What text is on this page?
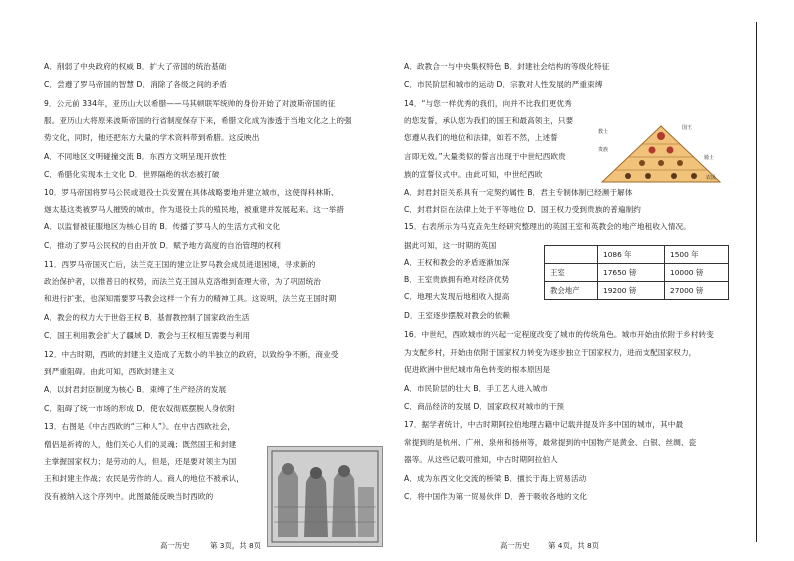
A．削弱了中央政府的权威 B．扩大了帝国的统治基础
C．尝遵了罗马帝国的智慧 D．消除了各级之间的矛盾
9．公元前 334年，亚历山大以希腊——马其顿联军统帅的身份开始了对波斯帝国的征
服。亚历山大将原来波斯帝国的行省制度保存下来，希腊文化成为渗透于当地文化之上的强
势文化，同时，他还把东方大量的学术资料带到希腊。这反映出
A．不同地区文明碰撞交流 B．东西方文明呈现开放性
C．希腊化实现本土文化 D．世界隔绝的状态被打破
10．罗马帝国将罗马公民或退役士兵安置在具体战略要地并建立城市，这使得科林斯、
迦太基这类被罗马人摧毁的城市，作为退役士兵的殖民地，被重建并发展起来。这一举措
A．以监督被征服地区为核心目的 B．传播了罗马人的生活方式和文化
C．推动了罗马公民权的自由开放 D．赋予地方高度的自治管理的权利
11．西罗马帝国灭亡后，法兰克王国的建立让罗马教会成员进退困境，寻求新的
政治保护者，以推普日的权势，而法兰克王国从克洛维到查理大帝，为了巩固统治
和进行扩张，也深知需要罗马教会这样一个有力的精神工具。这说明，法兰克王国时期
A．教会的权力大于世俗王权 B．基督教控制了国家政治生活
C．国王利用教会扩大了疆域 D．教会与王权相互需要与利用
12．中古时期，西欧的封建主义造成了无数小的半独立的政府，以致纷争不断，商业受
到严重阻碍。由此可知，西欧封建主义
A．以封君封臣制度为核心 B．束缚了生产经济的发展
C．阻碍了统一市场的形成 D．使农奴彻底摆脱人身依附
13．右图是《中古西欧的“三种人”》。在中古西欧社会，
僧侣是祈祷的人，他们关心人们的灵魂；既然国王和封建
主掌握国家权力；是劳动的人，但是，还是要对领主为国
王和封建主作战；农民是劳作的人。商人的地位不被承认，
没有被纳入这个序列中。此图最能反映当时西欧的
A．政教合一与中央集权特色 B．封建社会结构的等级化特征
C．市民阶层和城市的运动 D．宗教对人性发展的严重束缚
14．“与您一样优秀的我们，向并不比我们更优秀
的您发誓，承认您为我们的国王和最高领主，只要
您遵从我们的地位和法律，如若不然，上述誓
言即无效。”大量类似的誓言出现于中世纪西欧贵
族的宣誓仪式中。由此可知，中世纪西欧
A．封君封臣关系具有一定契约属性 B．君主专制体制已经濒于解体
C．封君封臣在法律上处于平等地位 D．国王权力受到贵族的普遍制约
15．右表所示为马克垚先生经研究整理出的英国王室和英教会的地产地租收入情况。
据此可知，这一时期的英国
A．王权和教会的矛盾逐渐加深
B．王室贵族拥有绝对经济优势
C．地理大发现后地租收入提高
D．王室逐步摆脱对教会的依赖
16．中世纪，西欧城市的兴起一定程度改变了城市的传统角色。城市开始由依附于乡村转变
为支配乡村，开始由依附于国家权力转变为逐步独立于国家权力，进而支配国家权力，
促进欧洲中世纪城市角色转变的根本原因是
A．市民阶层的壮大 B．手工艺人进入城市
C．商品经济的发展 D．国家政权对城市的干预
17．据学者统计，中古时期阿拉伯地理古籍中记载并提及许多中国的城市，其中最
常提到的是杭州、广州、泉州和扬州等，最常提到的中国物产是黄金、白银、丝绸、瓷
器等。从这些记载可推知，中古时期阿拉伯人
A．成为东西文化交流的桥梁 B．擅长于海上贸易活动
C．将中国作为第一贸易伙伴 D．善于吸收各地的文化
教士
国王
贵族
骑士
农民
	1086 年	1500 年
王室	17650 镑	10000 镑
教会地产	19200 镑	27000 镑
高一历史	第 3页，共 8页	高一历史 第 4页，共 8页
